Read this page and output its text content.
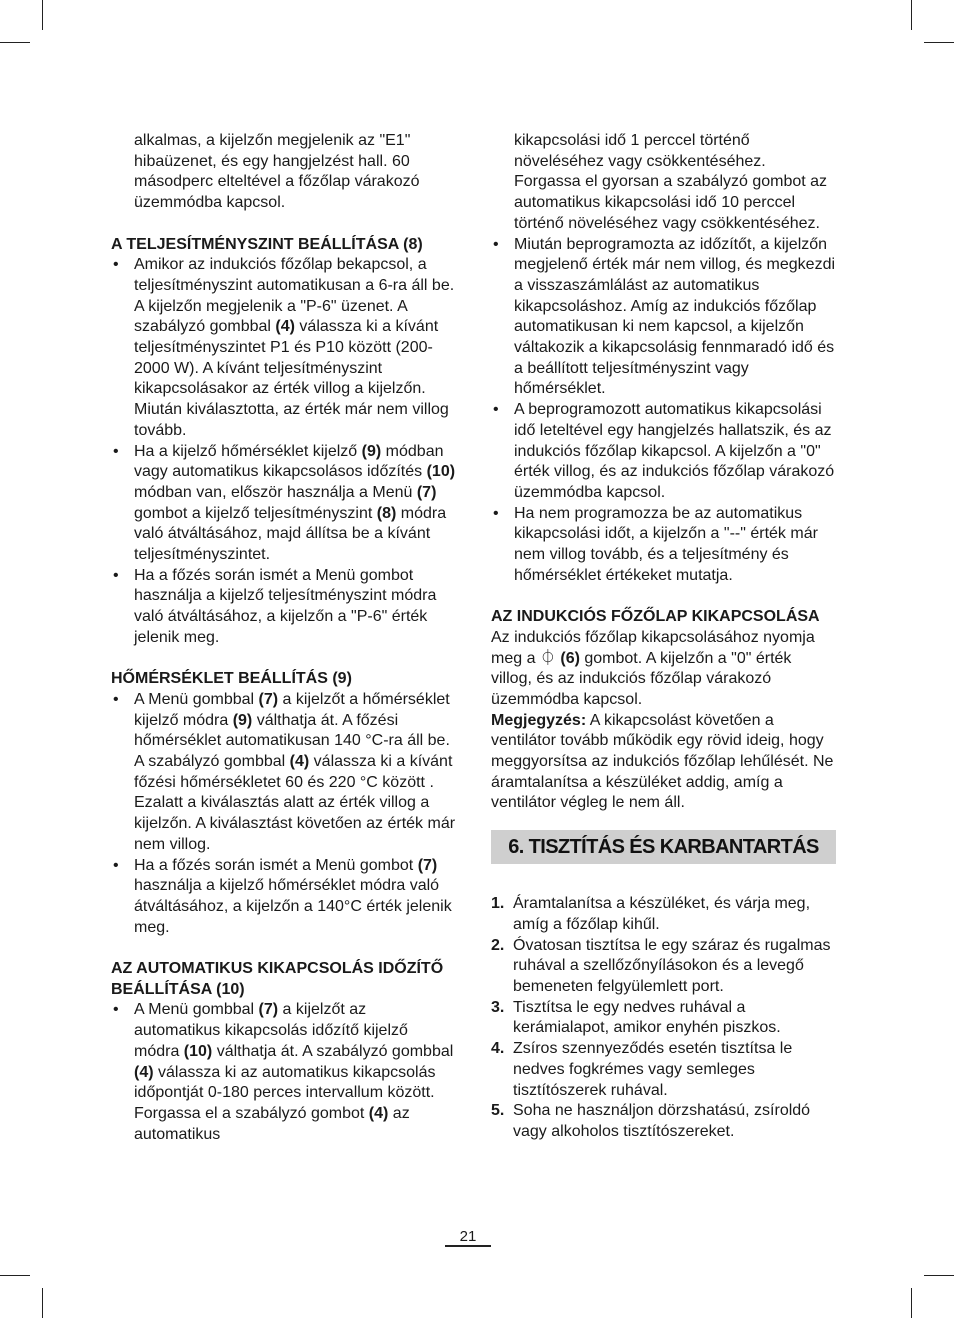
alkalmas, a kijelzőn megjelenik az "E1" hibaüzenet, és egy hangjelzést hall. 60 másodperc elteltével a főzőlap várakozó üzemmódba kapcsol.

A TELJESÍTMÉNYSZINT BEÁLLÍTÁSA (8)

• Amikor az indukciós főzőlap bekapcsol, a teljesítményszint automatikusan a 6-ra áll be. A kijelzőn megjelenik a "P-6" üzenet. A szabályzó gombbal (4) válassza ki a kívánt teljesítményszintet P1 és P10 között (200-2000 W). A kívánt teljesítményszint kikapcsolásakor az érték villog a kijelzőn. Miután kiválasztotta, az érték már nem villog tovább.
• Ha a kijelző hőmérséklet kijelző (9) módban vagy automatikus kikapcsolásos időzítés (10) módban van, először használja a Menü (7) gombot a kijelző teljesítményszint (8) módra való átváltásához, majd állítsa be a kívánt teljesítményszintet.
• Ha a főzés során ismét a Menü gombot használja a kijelző teljesítményszint módra való átváltásához, a kijelzőn a "P-6" érték jelenik meg.

HŐMÉRSÉKLET BEÁLLÍTÁS (9)

• A Menü gombbal (7) a kijelzőt a hőmérséklet kijelző módra (9) válthatja át. A főzési hőmérséklet automatikusan 140 °C-ra áll be. A szabályzó gombbal (4) válassza ki a kívánt főzési hőmérsékletet 60 és 220 °C között . Ezalatt a kiválasztás alatt az érték villog a kijelzőn. A kiválasztást követően az érték már nem villog.
• Ha a főzés során ismét a Menü gombot (7) használja a kijelző hőmérséklet módra való átváltásához, a kijelzőn a 140°C érték jelenik meg.

AZ AUTOMATIKUS KIKAPCSOLÁS IDŐZÍTŐ BEÁLLÍTÁSA (10)

• A Menü gombbal (7) a kijelzőt az automatikus kikapcsolás időzítő kijelző módra (10) válthatja át. A szabályzó gombbal (4) válassza ki az automatikus kikapcsolás időpontját 0-180 perces intervallum között. Forgassa el a szabályzó gombot (4) az automatikus

kikapcsolási idő 1 perccel történő növeléséhez vagy csökkentéséhez. Forgassa el gyorsan a szabályzó gombot az automatikus kikapcsolási idő 10 perccel történő növeléséhez vagy csökkentéséhez.

• Miután beprogramozta az időzítőt, a kijelzőn megjelenő érték már nem villog, és megkezdi a visszaszámlálást az automatikus kikapcsoláshoz. Amíg az indukciós főzőlap automatikusan ki nem kapcsol, a kijelzőn váltakozik a kikapcsolásig fennmaradó idő és a beállított teljesítményszint vagy hőmérséklet.
• A beprogramozott automatikus kikapcsolási idő leteltével egy hangjelzés hallatszik, és az indukciós főzőlap kikapcsol. A kijelzőn a "0" érték villog, és az indukciós főzőlap várakozó üzemmódba kapcsol.
• Ha nem programozza be az automatikus kikapcsolási időt, a kijelzőn a "--" érték már nem villog tovább, és a teljesítmény és hőmérséklet értékeket mutatja.

AZ INDUKCIÓS FŐZŐLAP KIKAPCSOLÁSA

Az indukciós főzőlap kikapcsolásához nyomja meg a ⏀ (6) gombot. A kijelzőn a "0" érték villog, és az indukciós főzőlap várakozó üzemmódba kapcsol.

Megjegyzés: A kikapcsolást követően a ventilátor tovább működik egy rövid ideig, hogy meggyorsítsa az indukciós főzőlap lehűlését. Ne áramtalanítsa a készüléket addig, amíg a ventilátor végleg le nem áll.

6. TISZTÍTÁS ÉS KARBANTARTÁS
1. Áramtalanítsa a készüléket, és várja meg, amíg a főzőlap kihűl.
2. Óvatosan tisztítsa le egy száraz és rugalmas ruhával a szellőzőnyílásokon és a levegő bemeneten felgyülemlett port.
3. Tisztítsa le egy nedves ruhával a kerámialapot, amikor enyhén piszkos.
4. Zsíros szennyeződés esetén tisztítsa le nedves fogkrémes vagy semleges tisztítószerek ruhával.
5. Soha ne használjon dörzshatású, zsíroldó vagy alkoholos tisztítószereket.
21
